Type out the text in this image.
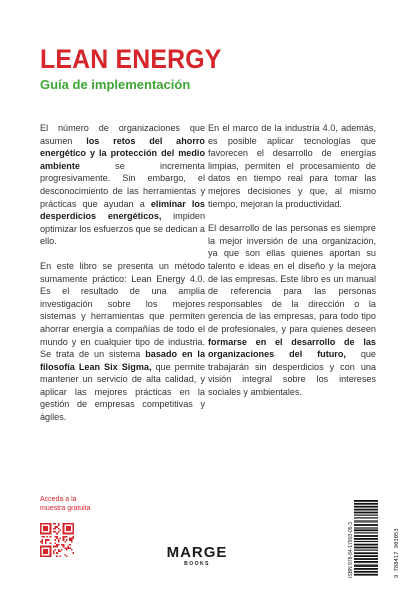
LEAN ENERGY
Guía de implementación

El número de organizaciones que asumen los retos del ahorro energético y la protección del medio ambiente se incrementa progresivamente. Sin embargo, el desconocimiento de las herramientas y prácticas que ayudan a eliminar los desperdicios energéticos, impiden optimizar los esfuerzos que se dedican a ello.

En este libro se presenta un método sumamente práctico: Lean Energy 4.0. Es el resultado de una amplia investigación sobre los mejores sistemas y herramientas que permiten ahorrar energía a compañías de todo el mundo y en cualquier tipo de industria. Se trata de un sistema basado en la filosofía Lean Six Sigma, que permite mantener un servicio de alta calidad, y aplicar las mejores prácticas en la gestión de empresas competitivas y ágiles.

En el marco de la industria 4.0, además, es posible aplicar tecnologías que favorecen el desarrollo de energías limpias, permiten el procesamiento de datos en tiempo real para tomar las mejores decisiones y que, al mismo tiempo, mejoran la productividad.

El desarrollo de las personas es siempre la mejor inversión de una organización, ya que son ellas quienes aportan su talento e ideas en el diseño y la mejora de las empresas. Este libro es un manual de referencia para las personas responsables de la dirección o la gerencia de las empresas, para todo tipo de profesionales, y para quienes deseen formarse en el desarrollo de las organizaciones del futuro, que trabajarán sin desperdicios y con una visión integral sobre los intereses sociales y ambientales.

Acceda a la muestra gratuita
MARGE
BOOKS	ISBN 978-84-17903-05-3	9 788417 903053
